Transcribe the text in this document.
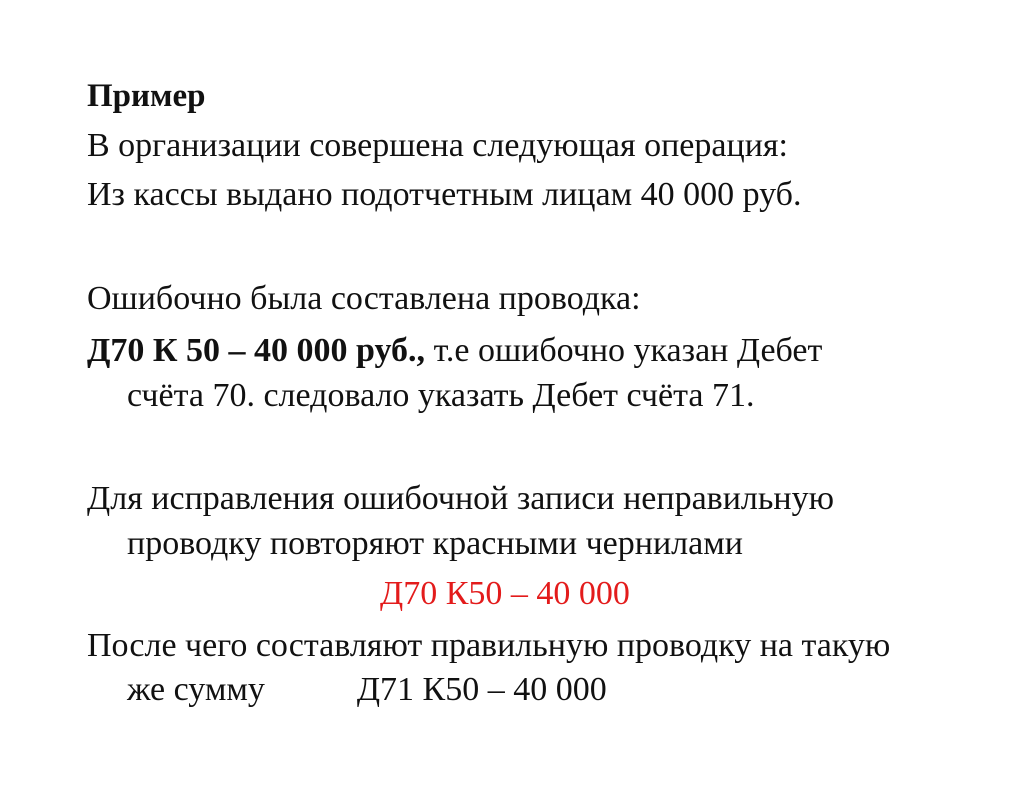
Пример
В организации совершена следующая операция:
Из кассы выдано подотчетным лицам 40 000 руб.
Ошибочно была составлена проводка:
Д70 К 50 – 40 000 руб., т.е ошибочно указан Дебет
счёта 70. следовало указать Дебет счёта 71.
Для исправления ошибочной записи неправильную
проводку повторяют красными чернилами
Д70 К50 – 40 000
После чего составляют правильную проводку на такую
же сумму	Д71 К50 – 40 000
